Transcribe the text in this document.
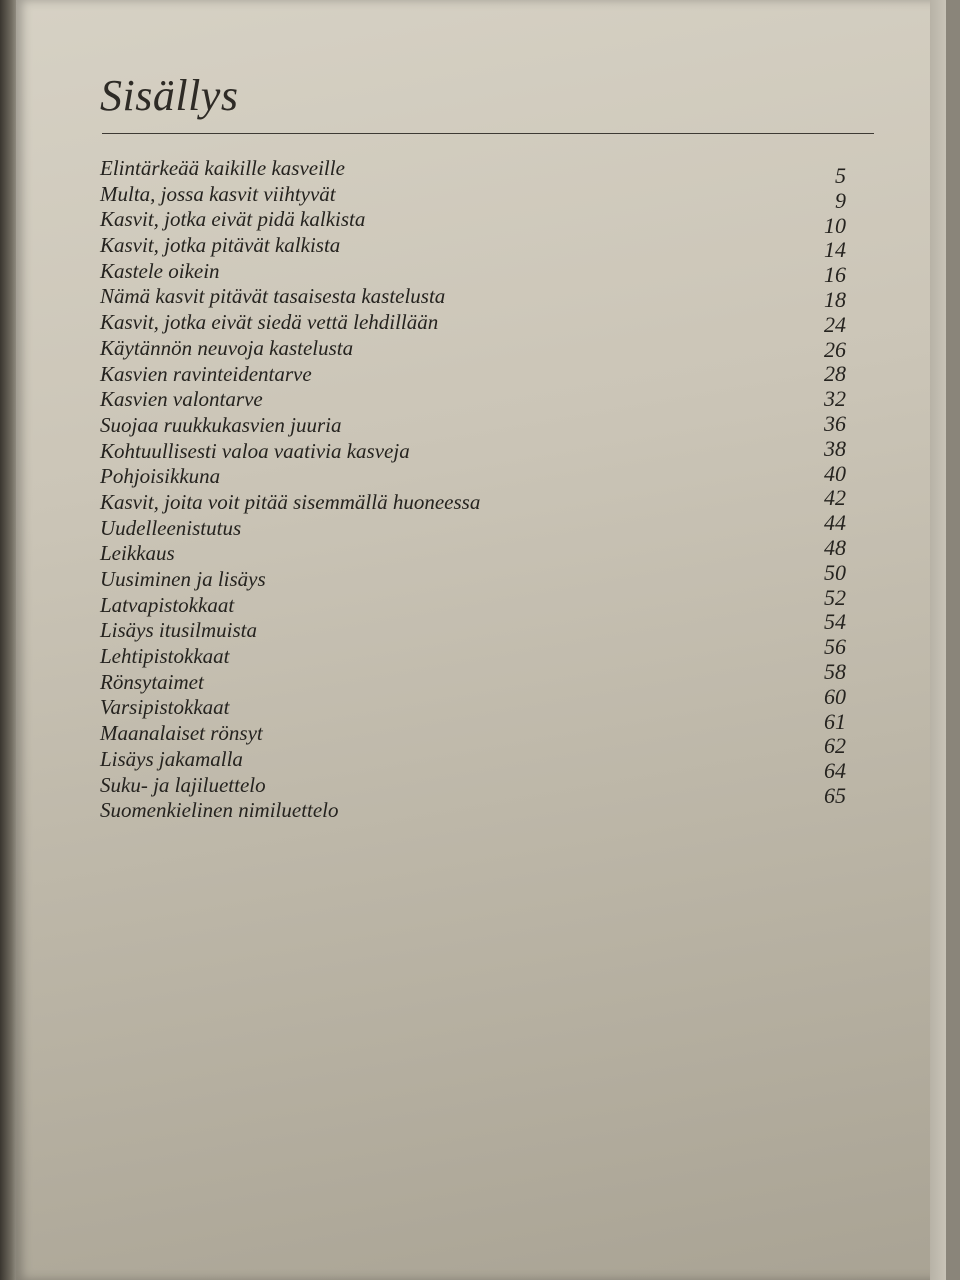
Sisällys
Elintärkeää kaikille kasveille
Multa, jossa kasvit viihtyvät
Kasvit, jotka eivät pidä kalkista
Kasvit, jotka pitävät kalkista
Kastele oikein
Nämä kasvit pitävät tasaisesta kastelusta
Kasvit, jotka eivät siedä vettä lehdillään
Käytännön neuvoja kastelusta
Kasvien ravinteidentarve
Kasvien valontarve
Suojaa ruukkukasvien juuria
Kohtuullisesti valoa vaativia kasveja
Pohjoisikkuna
Kasvit, joita voit pitää sisemmällä huoneessa
Uudelleenistutus
Leikkaus
Uusiminen ja lisäys
Latvapistokkaat
Lisäys itusilmuista
Lehtipistokkaat
Rönsytaimet
Varsipistokkaat
Maanalaiset rönsyt
Lisäys jakamalla
Suku- ja lajiluettelo
Suomenkielinen nimiluettelo
5
9
10
14
16
18
24
26
28
32
36
38
40
42
44
48
50
52
54
56
58
60
61
62
64
65
